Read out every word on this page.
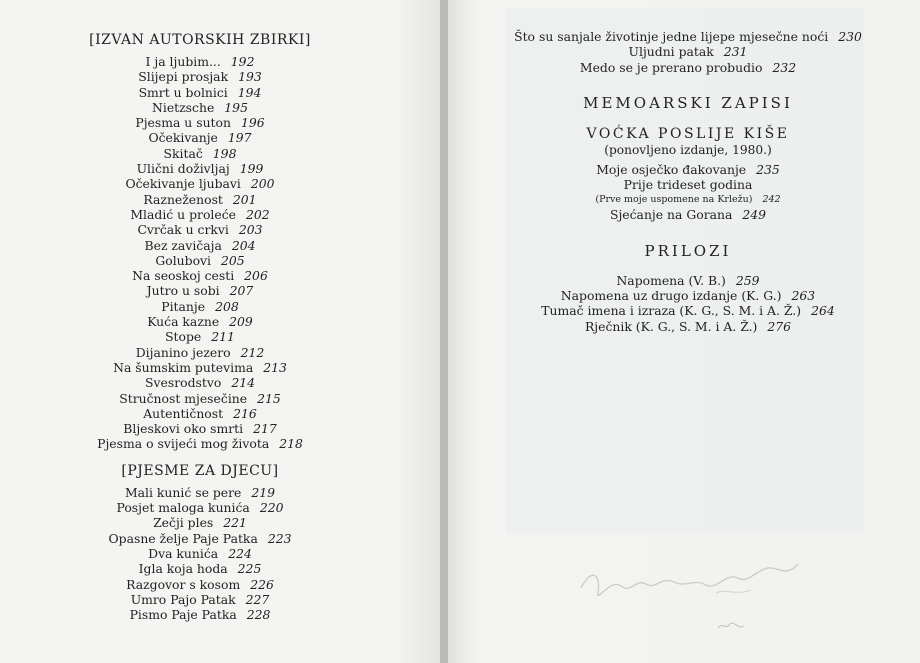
[IZVAN AUTORSKIH ZBIRKI]
I ja ljubim... 192
Slijepi prosjak 193
Smrt u bolnici 194
Nietzsche 195
Pjesma u suton 196
Očekivanje 197
Skitač 198
Ulični doživljaj 199
Očekivanje ljubavi 200
Razneženost 201
Mladić u proleće 202
Cvrčak u crkvi 203
Bez zavičaja 204
Golubovi 205
Na seoskoj cesti 206
Jutro u sobi 207
Pitanje 208
Kuća kazne 209
Stope 211
Dijanino jezero 212
Na šumskim putevima 213
Svesrodstvo 214
Stručnost mjesečine 215
Autentičnost 216
Bljeskovi oko smrti 217
Pjesma o svijeći mog života 218
[PJESME ZA DJECU]
Mali kunić se pere 219
Posjet maloga kunića 220
Zečji ples 221
Opasne želje Paje Patka 223
Dva kunića 224
Igla koja hoda 225
Razgovor s kosom 226
Umro Pajo Patak 227
Pismo Paje Patka 228
Što su sanjale životinje jedne lijepe mjesečne noći 230
Uljudni patak 231
Medo se je prerano probudio 232
MEMOARSKI ZAPISI
VOĆKA POSLIJE KIŠE
(ponovljeno izdanje, 1980.)
Moje osječko đakovanje 235
Prije trideset godina
(Prve moje uspomene na Krležu) 242
Sjećanje na Gorana 249
PRILOZI
Napomena (V. B.) 259
Napomena uz drugo izdanje (K. G.) 263
Tumač imena i izraza (K. G., S. M. i A. Ž.) 264
Rječnik (K. G., S. M. i A. Ž.) 276
